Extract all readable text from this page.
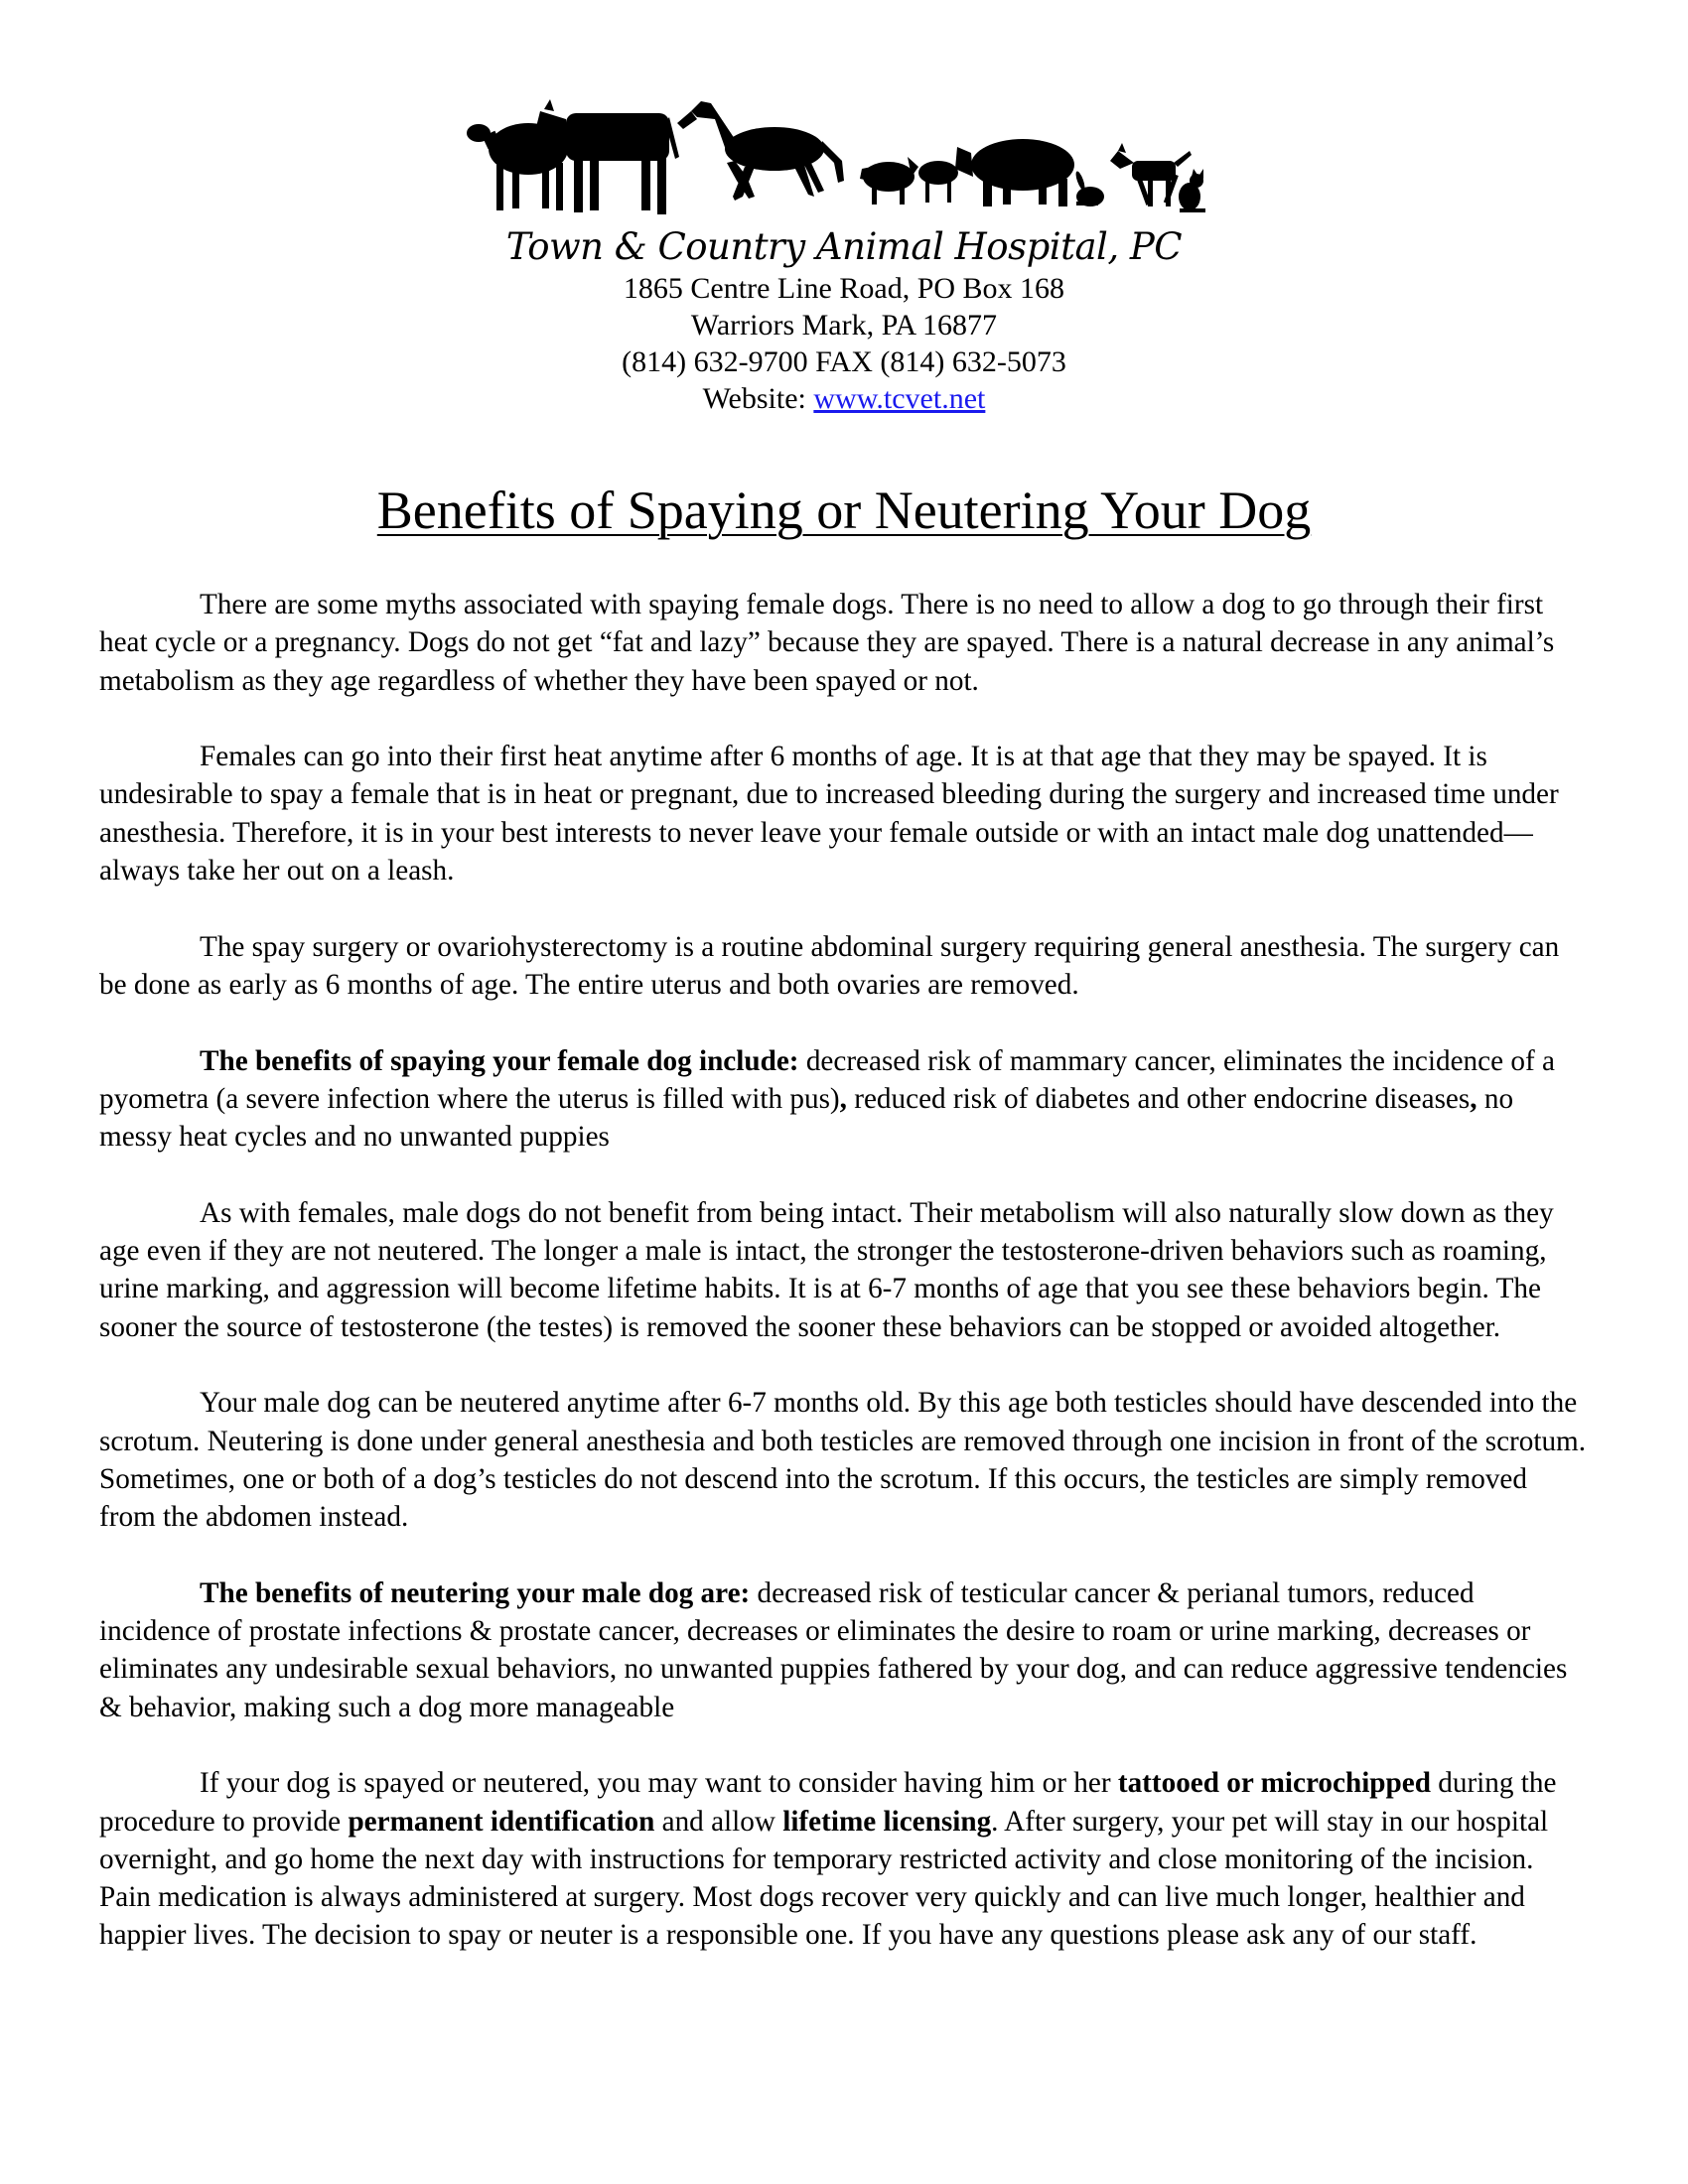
Town & Country Animal Hospital, PC
1865 Centre Line Road, PO Box 168
Warriors Mark, PA 16877
(814) 632-9700 FAX (814) 632-5073
Website: www.tcvet.net
Benefits of Spaying or Neutering Your Dog

There are some myths associated with spaying female dogs. There is no need to allow a dog to go through their first heat cycle or a pregnancy. Dogs do not get “fat and lazy” because they are spayed. There is a natural decrease in any animal’s metabolism as they age regardless of whether they have been spayed or not.

Females can go into their first heat anytime after 6 months of age. It is at that age that they may be spayed. It is undesirable to spay a female that is in heat or pregnant, due to increased bleeding during the surgery and increased time under anesthesia. Therefore, it is in your best interests to never leave your female outside or with an intact male dog unattended—always take her out on a leash.

The spay surgery or ovariohysterectomy is a routine abdominal surgery requiring general anesthesia. The surgery can be done as early as 6 months of age. The entire uterus and both ovaries are removed.

The benefits of spaying your female dog include: decreased risk of mammary cancer, eliminates the incidence of a pyometra (a severe infection where the uterus is filled with pus), reduced risk of diabetes and other endocrine diseases, no messy heat cycles and no unwanted puppies

As with females, male dogs do not benefit from being intact. Their metabolism will also naturally slow down as they age even if they are not neutered. The longer a male is intact, the stronger the testosterone-driven behaviors such as roaming, urine marking, and aggression will become lifetime habits. It is at 6-7 months of age that you see these behaviors begin. The sooner the source of testosterone (the testes) is removed the sooner these behaviors can be stopped or avoided altogether.

Your male dog can be neutered anytime after 6-7 months old. By this age both testicles should have descended into the scrotum. Neutering is done under general anesthesia and both testicles are removed through one incision in front of the scrotum. Sometimes, one or both of a dog’s testicles do not descend into the scrotum. If this occurs, the testicles are simply removed from the abdomen instead.

The benefits of neutering your male dog are: decreased risk of testicular cancer & perianal tumors, reduced incidence of prostate infections & prostate cancer, decreases or eliminates the desire to roam or urine marking, decreases or eliminates any undesirable sexual behaviors, no unwanted puppies fathered by your dog, and can reduce aggressive tendencies & behavior, making such a dog more manageable

If your dog is spayed or neutered, you may want to consider having him or her tattooed or microchipped during the procedure to provide permanent identification and allow lifetime licensing. After surgery, your pet will stay in our hospital overnight, and go home the next day with instructions for temporary restricted activity and close monitoring of the incision. Pain medication is always administered at surgery. Most dogs recover very quickly and can live much longer, healthier and happier lives. The decision to spay or neuter is a responsible one. If you have any questions please ask any of our staff.
